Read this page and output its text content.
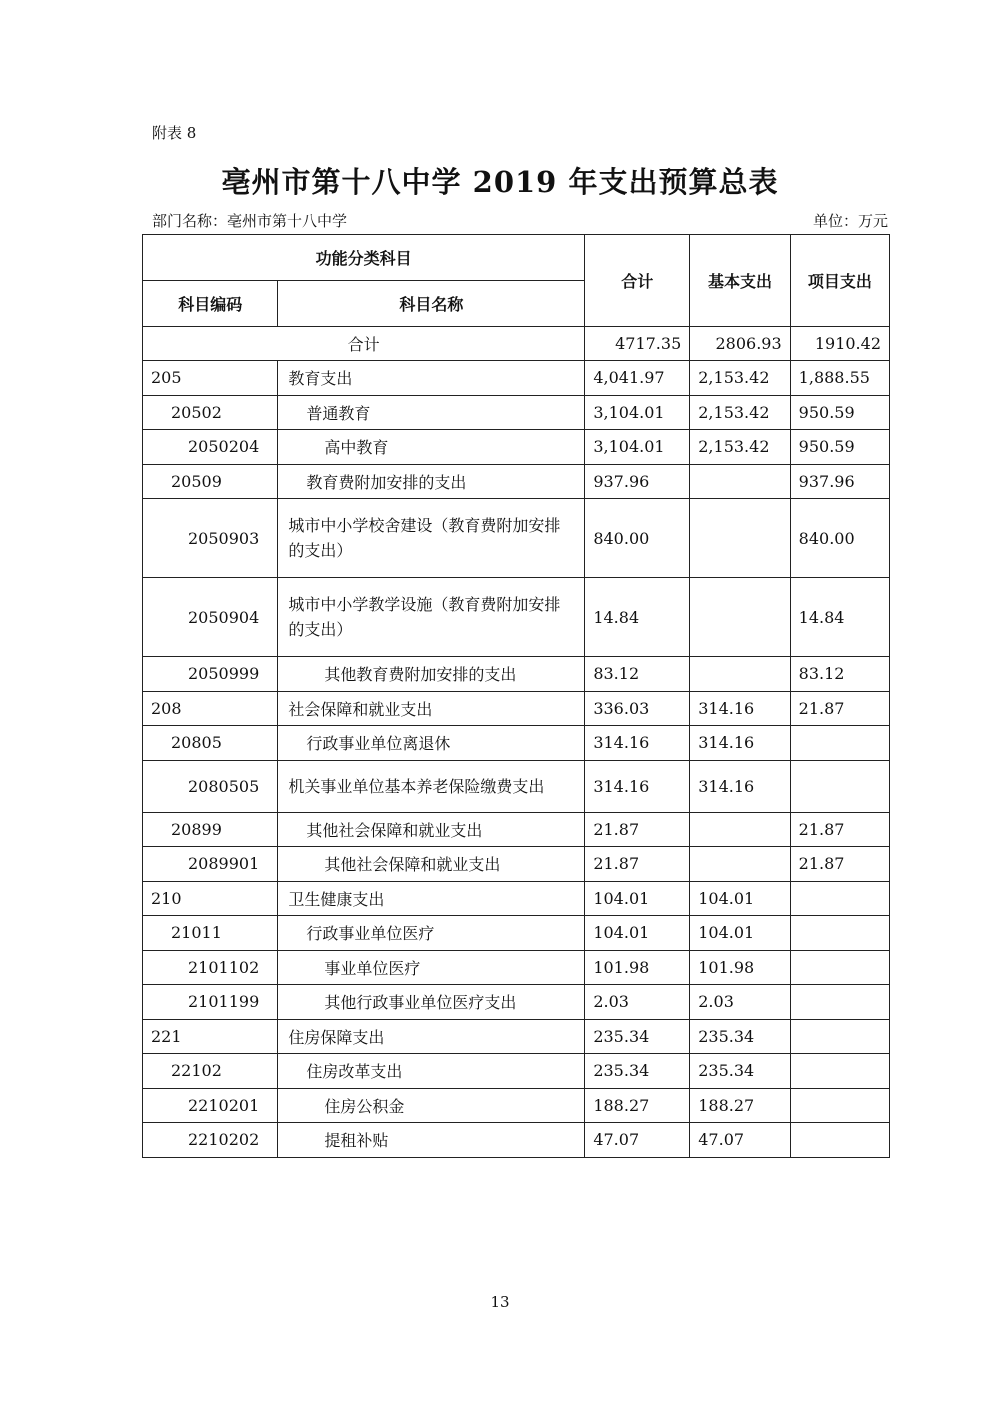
附表 8
亳州市第十八中学 2019 年支出预算总表
部门名称：亳州市第十八中学	单位：万元
功能分类科目		合计	基本支出	项目支出
科目编码	科目名称			
合计		4717.35	2806.93	1910.42
205	教育支出	4,041.97	2,153.42	1,888.55
20502	普通教育	3,104.01	2,153.42	950.59
2050204	高中教育	3,104.01	2,153.42	950.59
20509	教育费附加安排的支出	937.96		937.96
2050903	城市中小学校舍建设（教育费附加安排的支出）	840.00		840.00
2050904	城市中小学教学设施（教育费附加安排的支出）	14.84		14.84
2050999	其他教育费附加安排的支出	83.12		83.12
208	社会保障和就业支出	336.03	314.16	21.87
20805	行政事业单位离退休	314.16	314.16	
2080505	机关事业单位基本养老保险缴费支出	314.16	314.16	
20899	其他社会保障和就业支出	21.87		21.87
2089901	其他社会保障和就业支出	21.87		21.87
210	卫生健康支出	104.01	104.01	
21011	行政事业单位医疗	104.01	104.01	
2101102	事业单位医疗	101.98	101.98	
2101199	其他行政事业单位医疗支出	2.03	2.03	
221	住房保障支出	235.34	235.34	
22102	住房改革支出	235.34	235.34	
2210201	住房公积金	188.27	188.27	
2210202	提租补贴	47.07	47.07	
13
